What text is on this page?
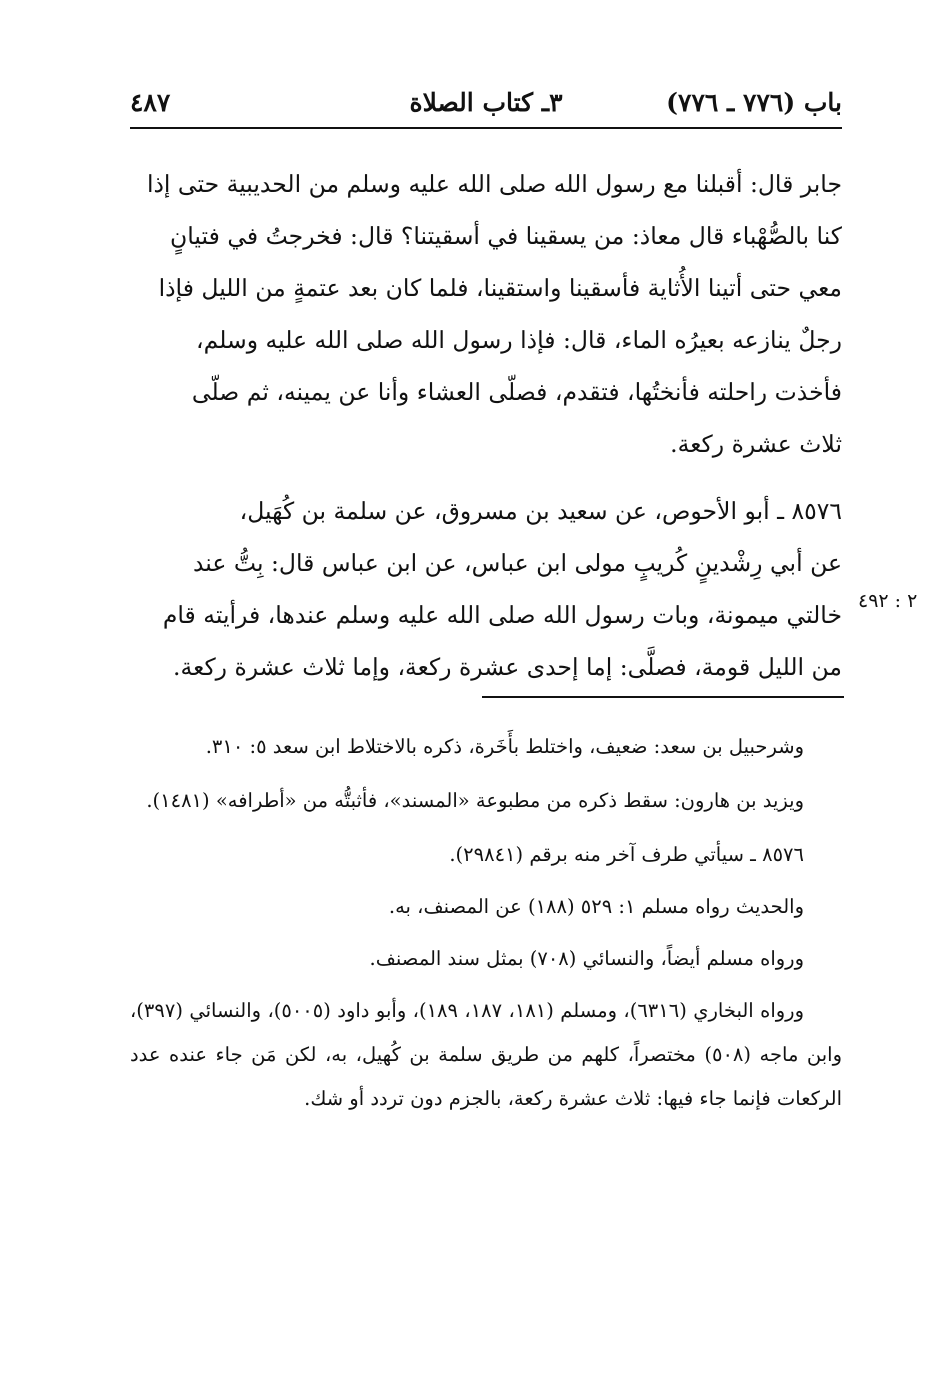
باب (٧٧٦ ـ ٧٧٦)
٣ـ كتاب الصلاة
٤٨٧
جابر قال: أقبلنا مع رسول الله صلى الله عليه وسلم من الحديبية حتى إذا
كنا بالصُّهْباء قال معاذ: من يسقينا في أسقيتنا؟ قال: فخرجتُ في فتيانٍ
معي حتى أتينا الأُثاية فأسقينا واستقينا، فلما كان بعد عتمةٍ من الليل فإذا
رجلٌ ينازعه بعيرُه الماء، قال: فإذا رسول الله صلى الله عليه وسلم،
فأخذت راحلته فأنختُها، فتقدم، فصلّى العشاء وأنا عن يمينه، ثم صلّى
ثلاث عشرة ركعة.
٨٥٧٦ ـ أبو الأحوص، عن سعيد بن مسروق، عن سلمة بن كُهَيل،
عن أبي رِشْدينٍ كُريبٍ مولى ابن عباس، عن ابن عباس قال: بِتُّ عند
خالتي ميمونة، وبات رسول الله صلى الله عليه وسلم عندها، فرأيته قام
من الليل قومة، فصلَّى: إما إحدى عشرة ركعة، وإما ثلاث عشرة ركعة.
٢ : ٤٩٢

وشرحبيل بن سعد: ضعيف، واختلط بأَخَرة، ذكره بالاختلاط ابن سعد ٥: ٣١٠.

ويزيد بن هارون: سقط ذكره من مطبوعة «المسند»، فأثبتُّه من «أطرافه» (١٤٨١).

٨٥٧٦ ـ سيأتي طرف آخر منه برقم (٢٩٨٤١).

والحديث رواه مسلم ١: ٥٢٩ (١٨٨) عن المصنف، به.

ورواه مسلم أيضاً، والنسائي (٧٠٨) بمثل سند المصنف.

ورواه البخاري (٦٣١٦)، ومسلم (١٨١، ١٨٧، ١٨٩)، وأبو داود (٥٠٠٥)، والنسائي (٣٩٧)، وابن ماجه (٥٠٨) مختصراً، كلهم من طريق سلمة بن كُهيل، به، لكن مَن جاء عنده عدد الركعات فإنما جاء فيها: ثلاث عشرة ركعة، بالجزم دون تردد أو شك.
